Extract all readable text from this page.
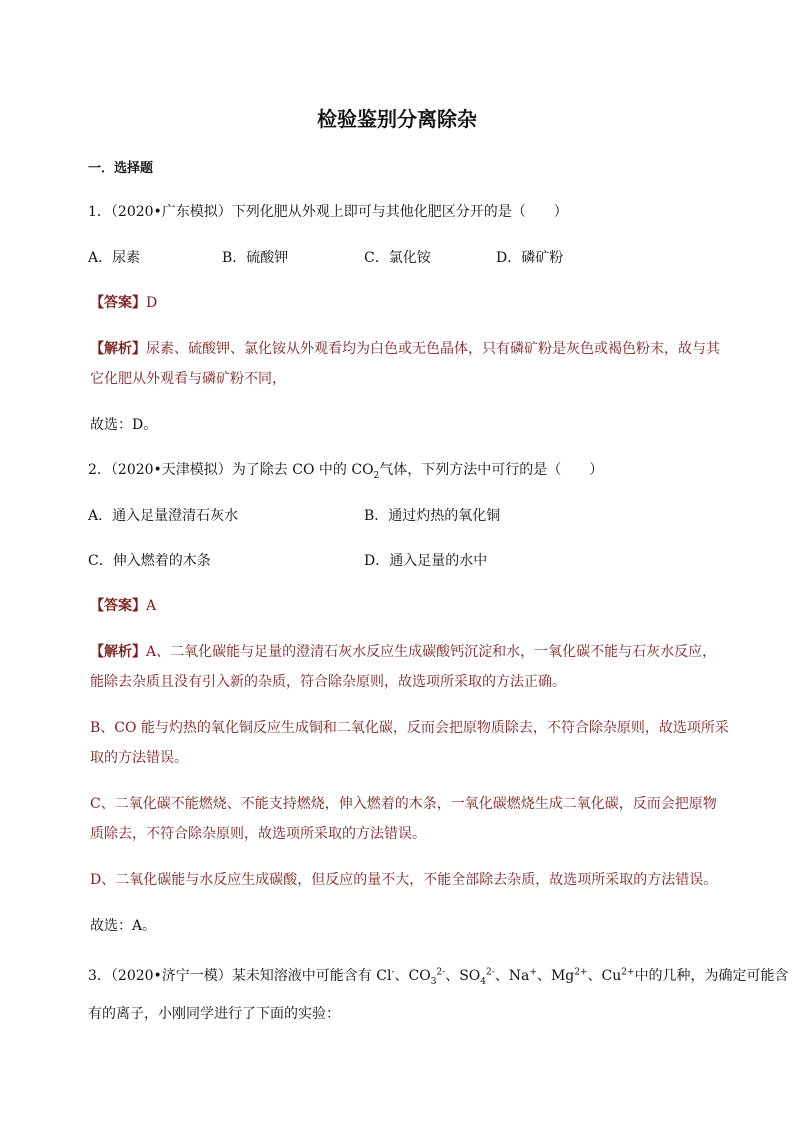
检验鉴别分离除杂
一．选择题
1．（2020•广东模拟）下列化肥从外观上即可与其他化肥区分开的是（　　）
A．尿素	B．硫酸钾	C．氯化铵	D．磷矿粉
【答案】D
【解析】尿素、硫酸钾、氯化铵从外观看均为白色或无色晶体，只有磷矿粉是灰色或褐色粉末，故与其
它化肥从外观看与磷矿粉不同，
故选：D。
2．（2020•天津模拟）为了除去 CO 中的 $CO_2$气体，下列方法中可行的是（　　）
A．通入足量澄清石灰水	B．通过灼热的氧化铜
C．伸入燃着的木条	D．通入足量的水中
【答案】A
【解析】A、二氧化碳能与足量的澄清石灰水反应生成碳酸钙沉淀和水，一氧化碳不能与石灰水反应，
能除去杂质且没有引入新的杂质，符合除杂原则，故选项所采取的方法正确。
B、CO 能与灼热的氧化铜反应生成铜和二氧化碳，反而会把原物质除去，不符合除杂原则，故选项所采
取的方法错误。
C、二氧化碳不能燃烧、不能支持燃烧，伸入燃着的木条，一氧化碳燃烧生成二氧化碳，反而会把原物
质除去，不符合除杂原则，故选项所采取的方法错误。
D、二氧化碳能与水反应生成碳酸，但反应的量不大，不能全部除去杂质，故选项所采取的方法错误。
故选：A。
3．（2020•济宁一模）某未知溶液中可能含有 Cl-、$CO_3^{2-}$、$SO_4^{2-}$、Na+、$Mg^{2+}$、$Cu^{2+}$中的几种，为确定可能含
有的离子，小刚同学进行了下面的实验：
